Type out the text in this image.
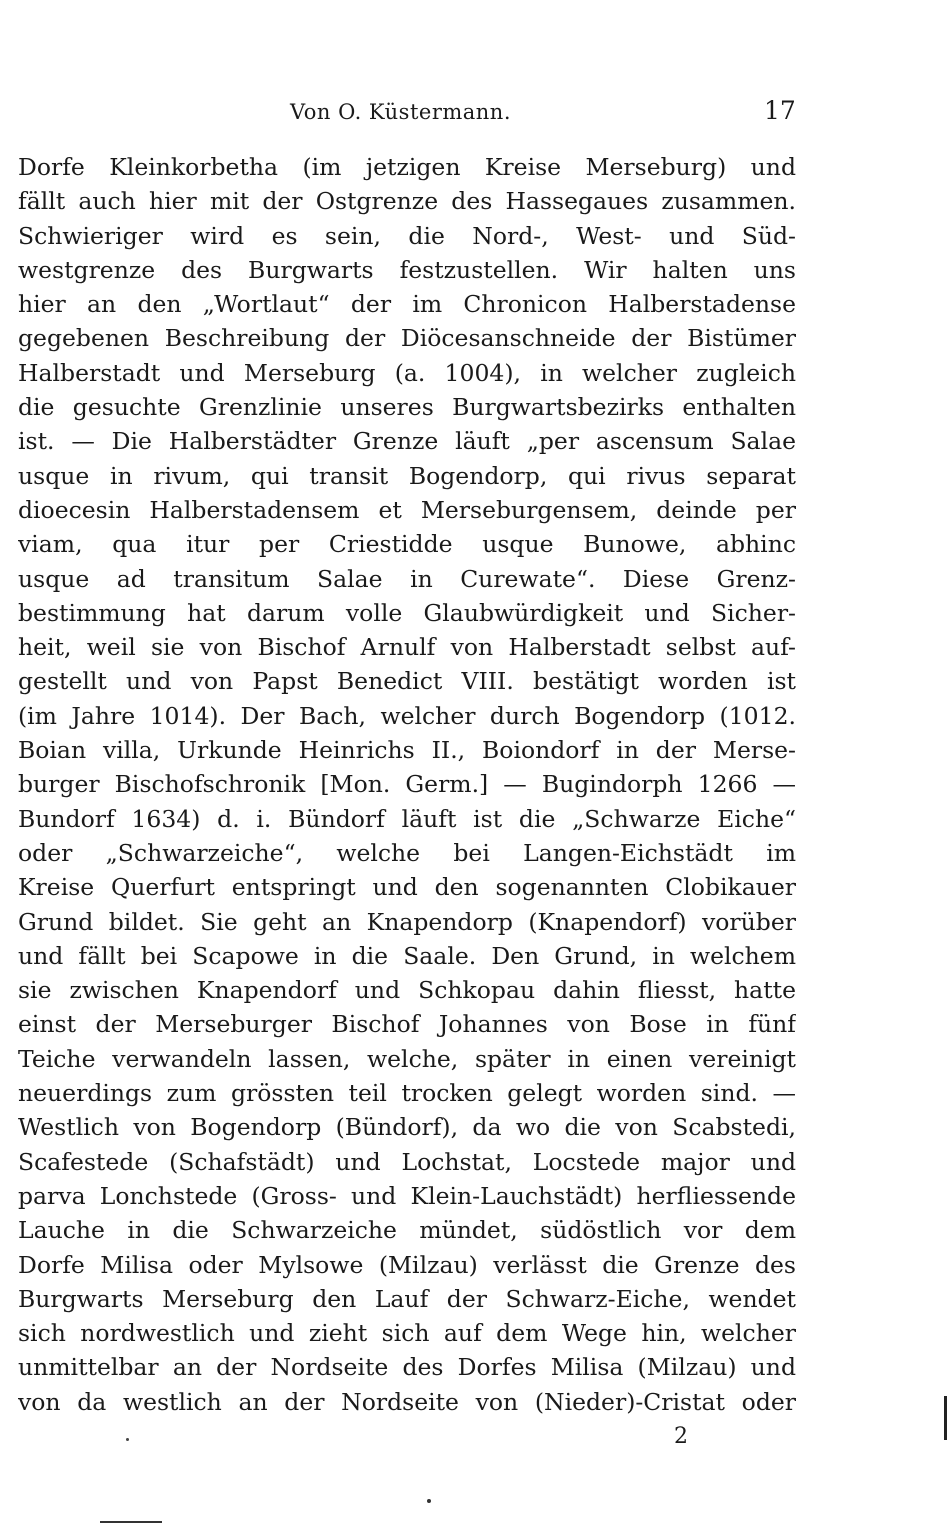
Von O. Küstermann.	17
Dorfe Kleinkorbetha (im jetzigen Kreise Merseburg) und
fällt auch hier mit der Ostgrenze des Hassegaues zusammen.
Schwieriger wird es sein, die Nord-, West- und Süd-
westgrenze des Burgwarts festzustellen. Wir halten uns
hier an den „Wortlaut“ der im Chronicon Halberstadense
gegebenen Beschreibung der Diöcesanschneide der Bistümer
Halberstadt und Merseburg (a. 1004), in welcher zugleich
die gesuchte Grenzlinie unseres Burgwartsbezirks enthalten
ist. — Die Halberstädter Grenze läuft „per ascensum Salae
usque in rivum, qui transit Bogendorp, qui rivus separat
dioecesin Halberstadensem et Merseburgensem, deinde per
viam, qua itur per Criestidde usque Bunowe, abhinc
usque ad transitum Salae in Curewate“. Diese Grenz-
bestimmung hat darum volle Glaubwürdigkeit und Sicher-
heit, weil sie von Bischof Arnulf von Halberstadt selbst auf-
gestellt und von Papst Benedict VIII. bestätigt worden ist
(im Jahre 1014). Der Bach, welcher durch Bogendorp (1012.
Boian villa, Urkunde Heinrichs II., Boiondorf in der Merse-
burger Bischofschronik [Mon. Germ.] — Bugindorph 1266 —
Bundorf 1634) d. i. Bündorf läuft ist die „Schwarze Eiche“
oder „Schwarzeiche“, welche bei Langen-Eichstädt im
Kreise Querfurt entspringt und den sogenannten Clobikauer
Grund bildet. Sie geht an Knapendorp (Knapendorf) vorüber
und fällt bei Scapowe in die Saale. Den Grund, in welchem
sie zwischen Knapendorf und Schkopau dahin fliesst, hatte
einst der Merseburger Bischof Johannes von Bose in fünf
Teiche verwandeln lassen, welche, später in einen vereinigt
neuerdings zum grössten teil trocken gelegt worden sind. —
Westlich von Bogendorp (Bündorf), da wo die von Scabstedi,
Scafestede (Schafstädt) und Lochstat, Locstede major und
parva Lonchstede (Gross- und Klein-Lauchstädt) herfliessende
Lauche in die Schwarzeiche mündet, südöstlich vor dem
Dorfe Milisa oder Mylsowe (Milzau) verlässt die Grenze des
Burgwarts Merseburg den Lauf der Schwarz-Eiche, wendet
sich nordwestlich und zieht sich auf dem Wege hin, welcher
unmittelbar an der Nordseite des Dorfes Milisa (Milzau) und
von da westlich an der Nordseite von (Nieder)-Cristat oder
2
